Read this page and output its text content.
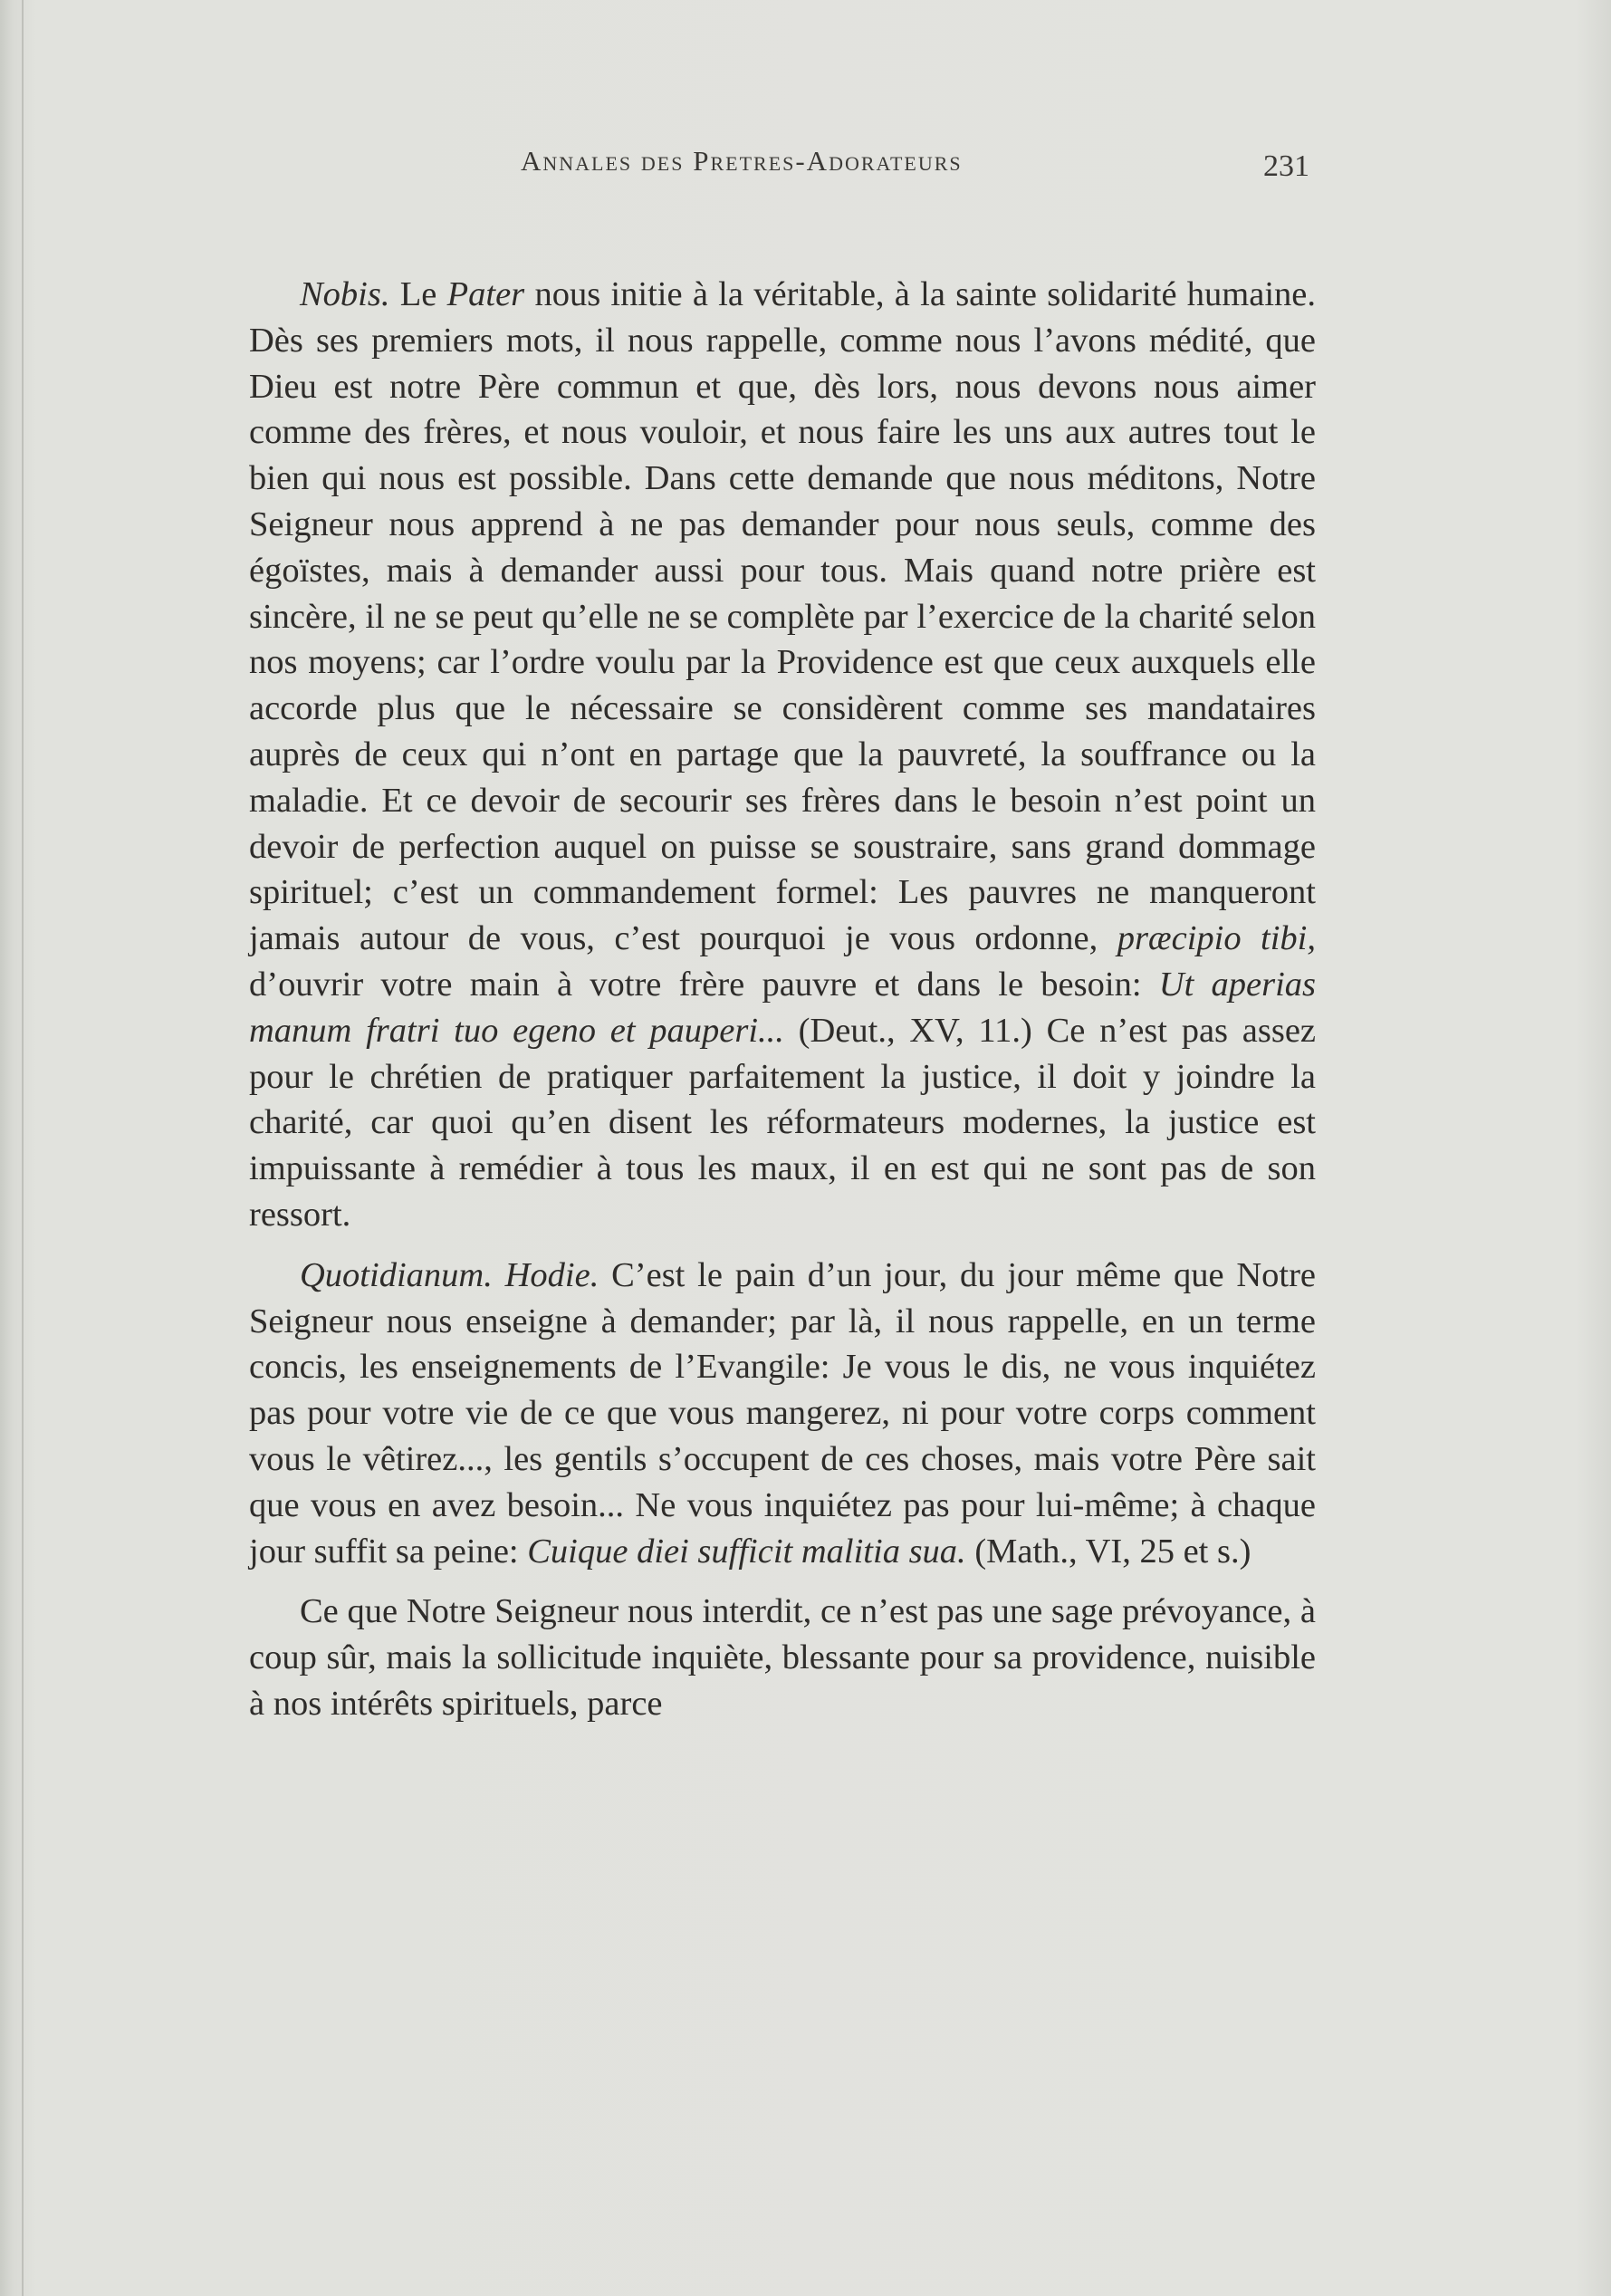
Annales des Pretres-Adorateurs	231

Nobis. Le Pater nous initie à la véritable, à la sainte solidarité humaine. Dès ses premiers mots, il nous rappelle, comme nous l’avons médité, que Dieu est notre Père commun et que, dès lors, nous devons nous aimer comme des frères, et nous vouloir, et nous faire les uns aux autres tout le bien qui nous est possible. Dans cette demande que nous méditons, Notre Seigneur nous apprend à ne pas demander pour nous seuls, comme des égoïstes, mais à demander aussi pour tous. Mais quand notre prière est sincère, il ne se peut qu’elle ne se complète par l’exercice de la charité selon nos moyens; car l’ordre voulu par la Providence est que ceux auxquels elle accorde plus que le nécessaire se considèrent comme ses mandataires auprès de ceux qui n’ont en partage que la pauvreté, la souffrance ou la maladie. Et ce devoir de secourir ses frères dans le besoin n’est point un devoir de perfection auquel on puisse se soustraire, sans grand dommage spirituel; c’est un commandement formel: Les pauvres ne manqueront jamais autour de vous, c’est pourquoi je vous ordonne, præcipio tibi, d’ouvrir votre main à votre frère pauvre et dans le besoin: Ut aperias manum fratri tuo egeno et pauperi... (Deut., XV, 11.) Ce n’est pas assez pour le chrétien de pratiquer parfaitement la justice, il doit y joindre la charité, car quoi qu’en disent les réformateurs modernes, la justice est impuissante à remédier à tous les maux, il en est qui ne sont pas de son ressort.

Quotidianum. Hodie. C’est le pain d’un jour, du jour même que Notre Seigneur nous enseigne à demander; par là, il nous rappelle, en un terme concis, les enseignements de l’Evangile: Je vous le dis, ne vous inquiétez pas pour votre vie de ce que vous mangerez, ni pour votre corps comment vous le vêtirez..., les gentils s’occupent de ces choses, mais votre Père sait que vous en avez besoin... Ne vous inquiétez pas pour lui-même; à chaque jour suffit sa peine: Cuique diei sufficit malitia sua. (Math., VI, 25 et s.)

Ce que Notre Seigneur nous interdit, ce n’est pas une sage prévoyance, à coup sûr, mais la sollicitude inquiète, blessante pour sa providence, nuisible à nos intérêts spirituels, parce
